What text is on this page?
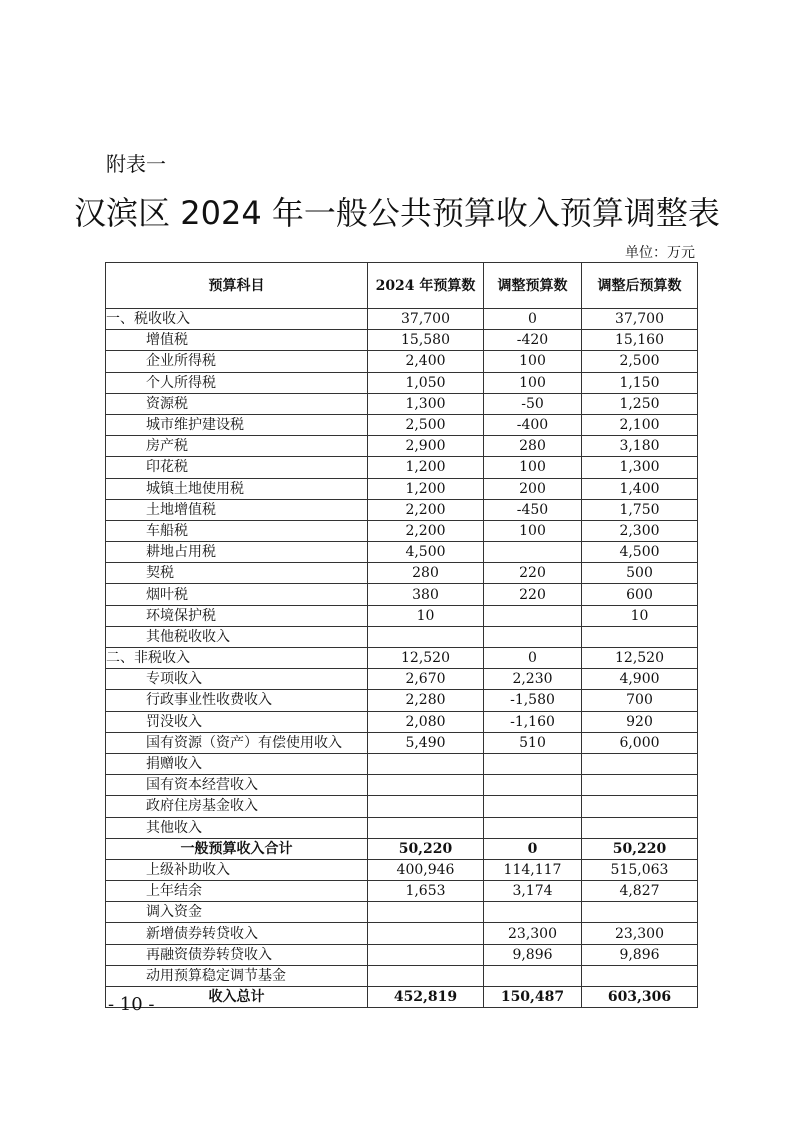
附表一
汉滨区 2024 年一般公共预算收入预算调整表
单位：万元
预算科目	2024 年预算数	调整预算数	调整后预算数
一、税收收入	37,700	0	37,700
增值税	15,580	-420	15,160
企业所得税	2,400	100	2,500
个人所得税	1,050	100	1,150
资源税	1,300	-50	1,250
城市维护建设税	2,500	-400	2,100
房产税	2,900	280	3,180
印花税	1,200	100	1,300
城镇土地使用税	1,200	200	1,400
土地增值税	2,200	-450	1,750
车船税	2,200	100	2,300
耕地占用税	4,500		4,500
契税	280	220	500
烟叶税	380	220	600
环境保护税	10		10
其他税收收入			
二、非税收入	12,520	0	12,520
专项收入	2,670	2,230	4,900
行政事业性收费收入	2,280	-1,580	700
罚没收入	2,080	-1,160	920
国有资源（资产）有偿使用收入	5,490	510	6,000
捐赠收入			
国有资本经营收入			
政府住房基金收入			
其他收入			
一般预算收入合计	50,220	0	50,220
上级补助收入	400,946	114,117	515,063
上年结余	1,653	3,174	4,827
调入资金			
新增债券转贷收入		23,300	23,300
再融资债券转贷收入		9,896	9,896
动用预算稳定调节基金			
收入总计	452,819	150,487	603,306
- 10 -
